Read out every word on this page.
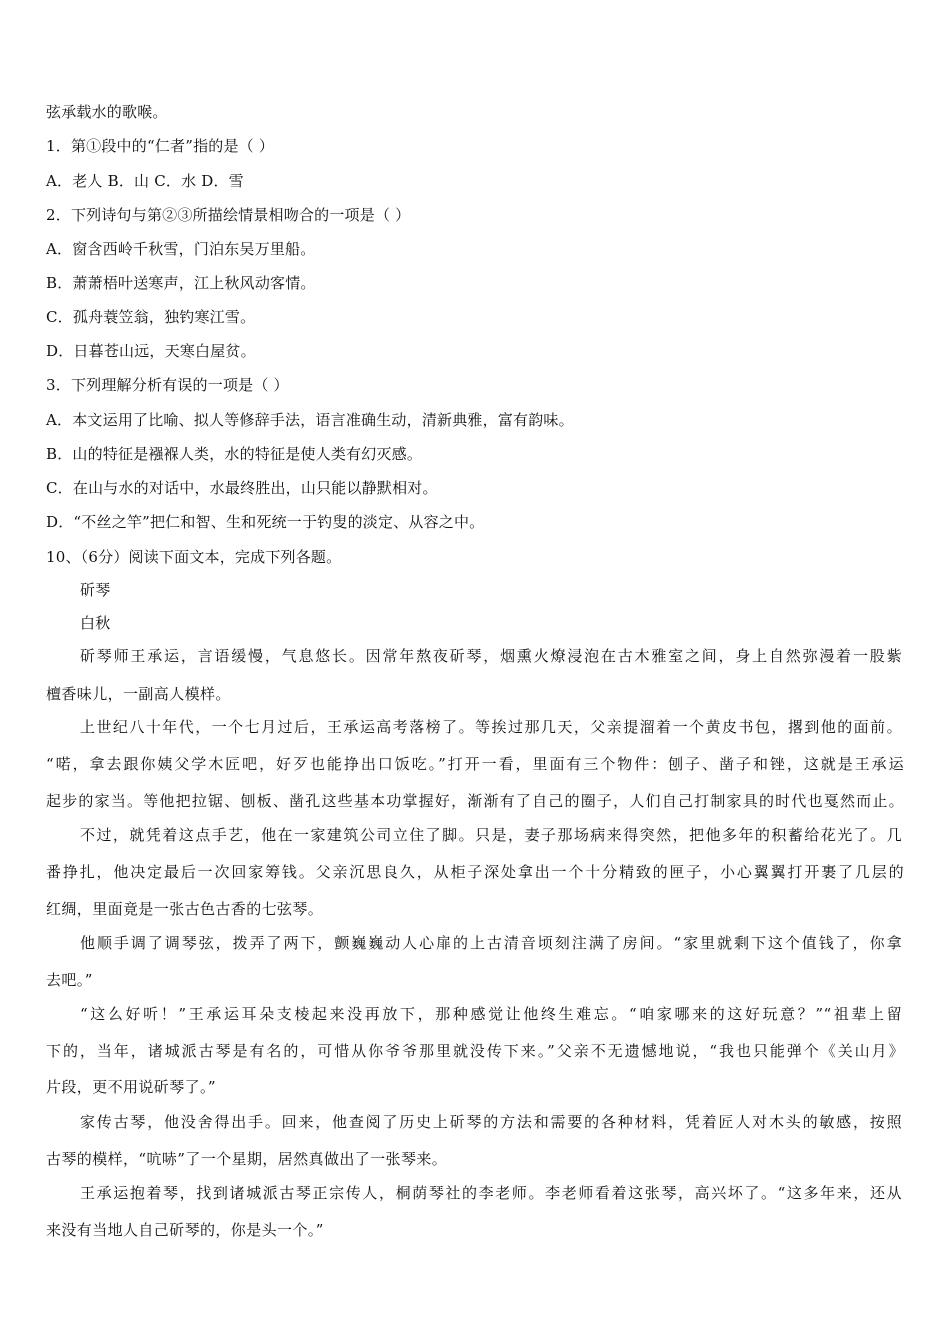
弦承载水的歌喉。
1．第①段中的“仁者”指的是（ ）
A．老人 B．山 C．水 D．雪
2．下列诗句与第②③所描绘情景相吻合的一项是（ ）
A．窗含西岭千秋雪，门泊东吴万里船。
B．萧萧梧叶送寒声，江上秋风动客情。
C．孤舟蓑笠翁，独钓寒江雪。
D．日暮苍山远，天寒白屋贫。
3．下列理解分析有误的一项是（ ）
A．本文运用了比喻、拟人等修辞手法，语言准确生动，清新典雅，富有韵味。
B．山的特征是襁褓人类，水的特征是使人类有幻灭感。
C．在山与水的对话中，水最终胜出，山只能以静默相对。
D．“不丝之竿”把仁和智、生和死统一于钓叟的淡定、从容之中。
10、（6分）阅读下面文本，完成下列各题。
斫琴
白秋
斫琴师王承运，言语缓慢，气息悠长。因常年熬夜斫琴，烟熏火燎浸泡在古木雅室之间，身上自然弥漫着一股紫
檀香味儿，一副高人模样。
上世纪八十年代，一个七月过后，王承运高考落榜了。等挨过那几天，父亲提溜着一个黄皮书包，撂到他的面前。
“喏，拿去跟你姨父学木匠吧，好歹也能挣出口饭吃。”打开一看，里面有三个物件：刨子、凿子和锉，这就是王承运
起步的家当。等他把拉锯、刨板、凿孔这些基本功掌握好，渐渐有了自己的圈子，人们自己打制家具的时代也戛然而止。
不过，就凭着这点手艺，他在一家建筑公司立住了脚。只是，妻子那场病来得突然，把他多年的积蓄给花光了。几
番挣扎，他决定最后一次回家筹钱。父亲沉思良久，从柜子深处拿出一个十分精致的匣子，小心翼翼打开裹了几层的
红绸，里面竟是一张古色古香的七弦琴。
他顺手调了调琴弦，拨弄了两下，颤巍巍动人心扉的上古清音顷刻注满了房间。“家里就剩下这个值钱了，你拿
去吧。”
“这么好听！”王承运耳朵支棱起来没再放下，那种感觉让他终生难忘。“咱家哪来的这好玩意？”“祖辈上留
下的，当年，诸城派古琴是有名的，可惜从你爷爷那里就没传下来。”父亲不无遗憾地说，“我也只能弹个《关山月》
片段，更不用说斫琴了。”
家传古琴，他没舍得出手。回来，他查阅了历史上斫琴的方法和需要的各种材料，凭着匠人对木头的敏感，按照
古琴的模样，“吭哧”了一个星期，居然真做出了一张琴来。
王承运抱着琴，找到诸城派古琴正宗传人，桐荫琴社的李老师。李老师看着这张琴，高兴坏了。“这多年来，还从
来没有当地人自己斫琴的，你是头一个。”
